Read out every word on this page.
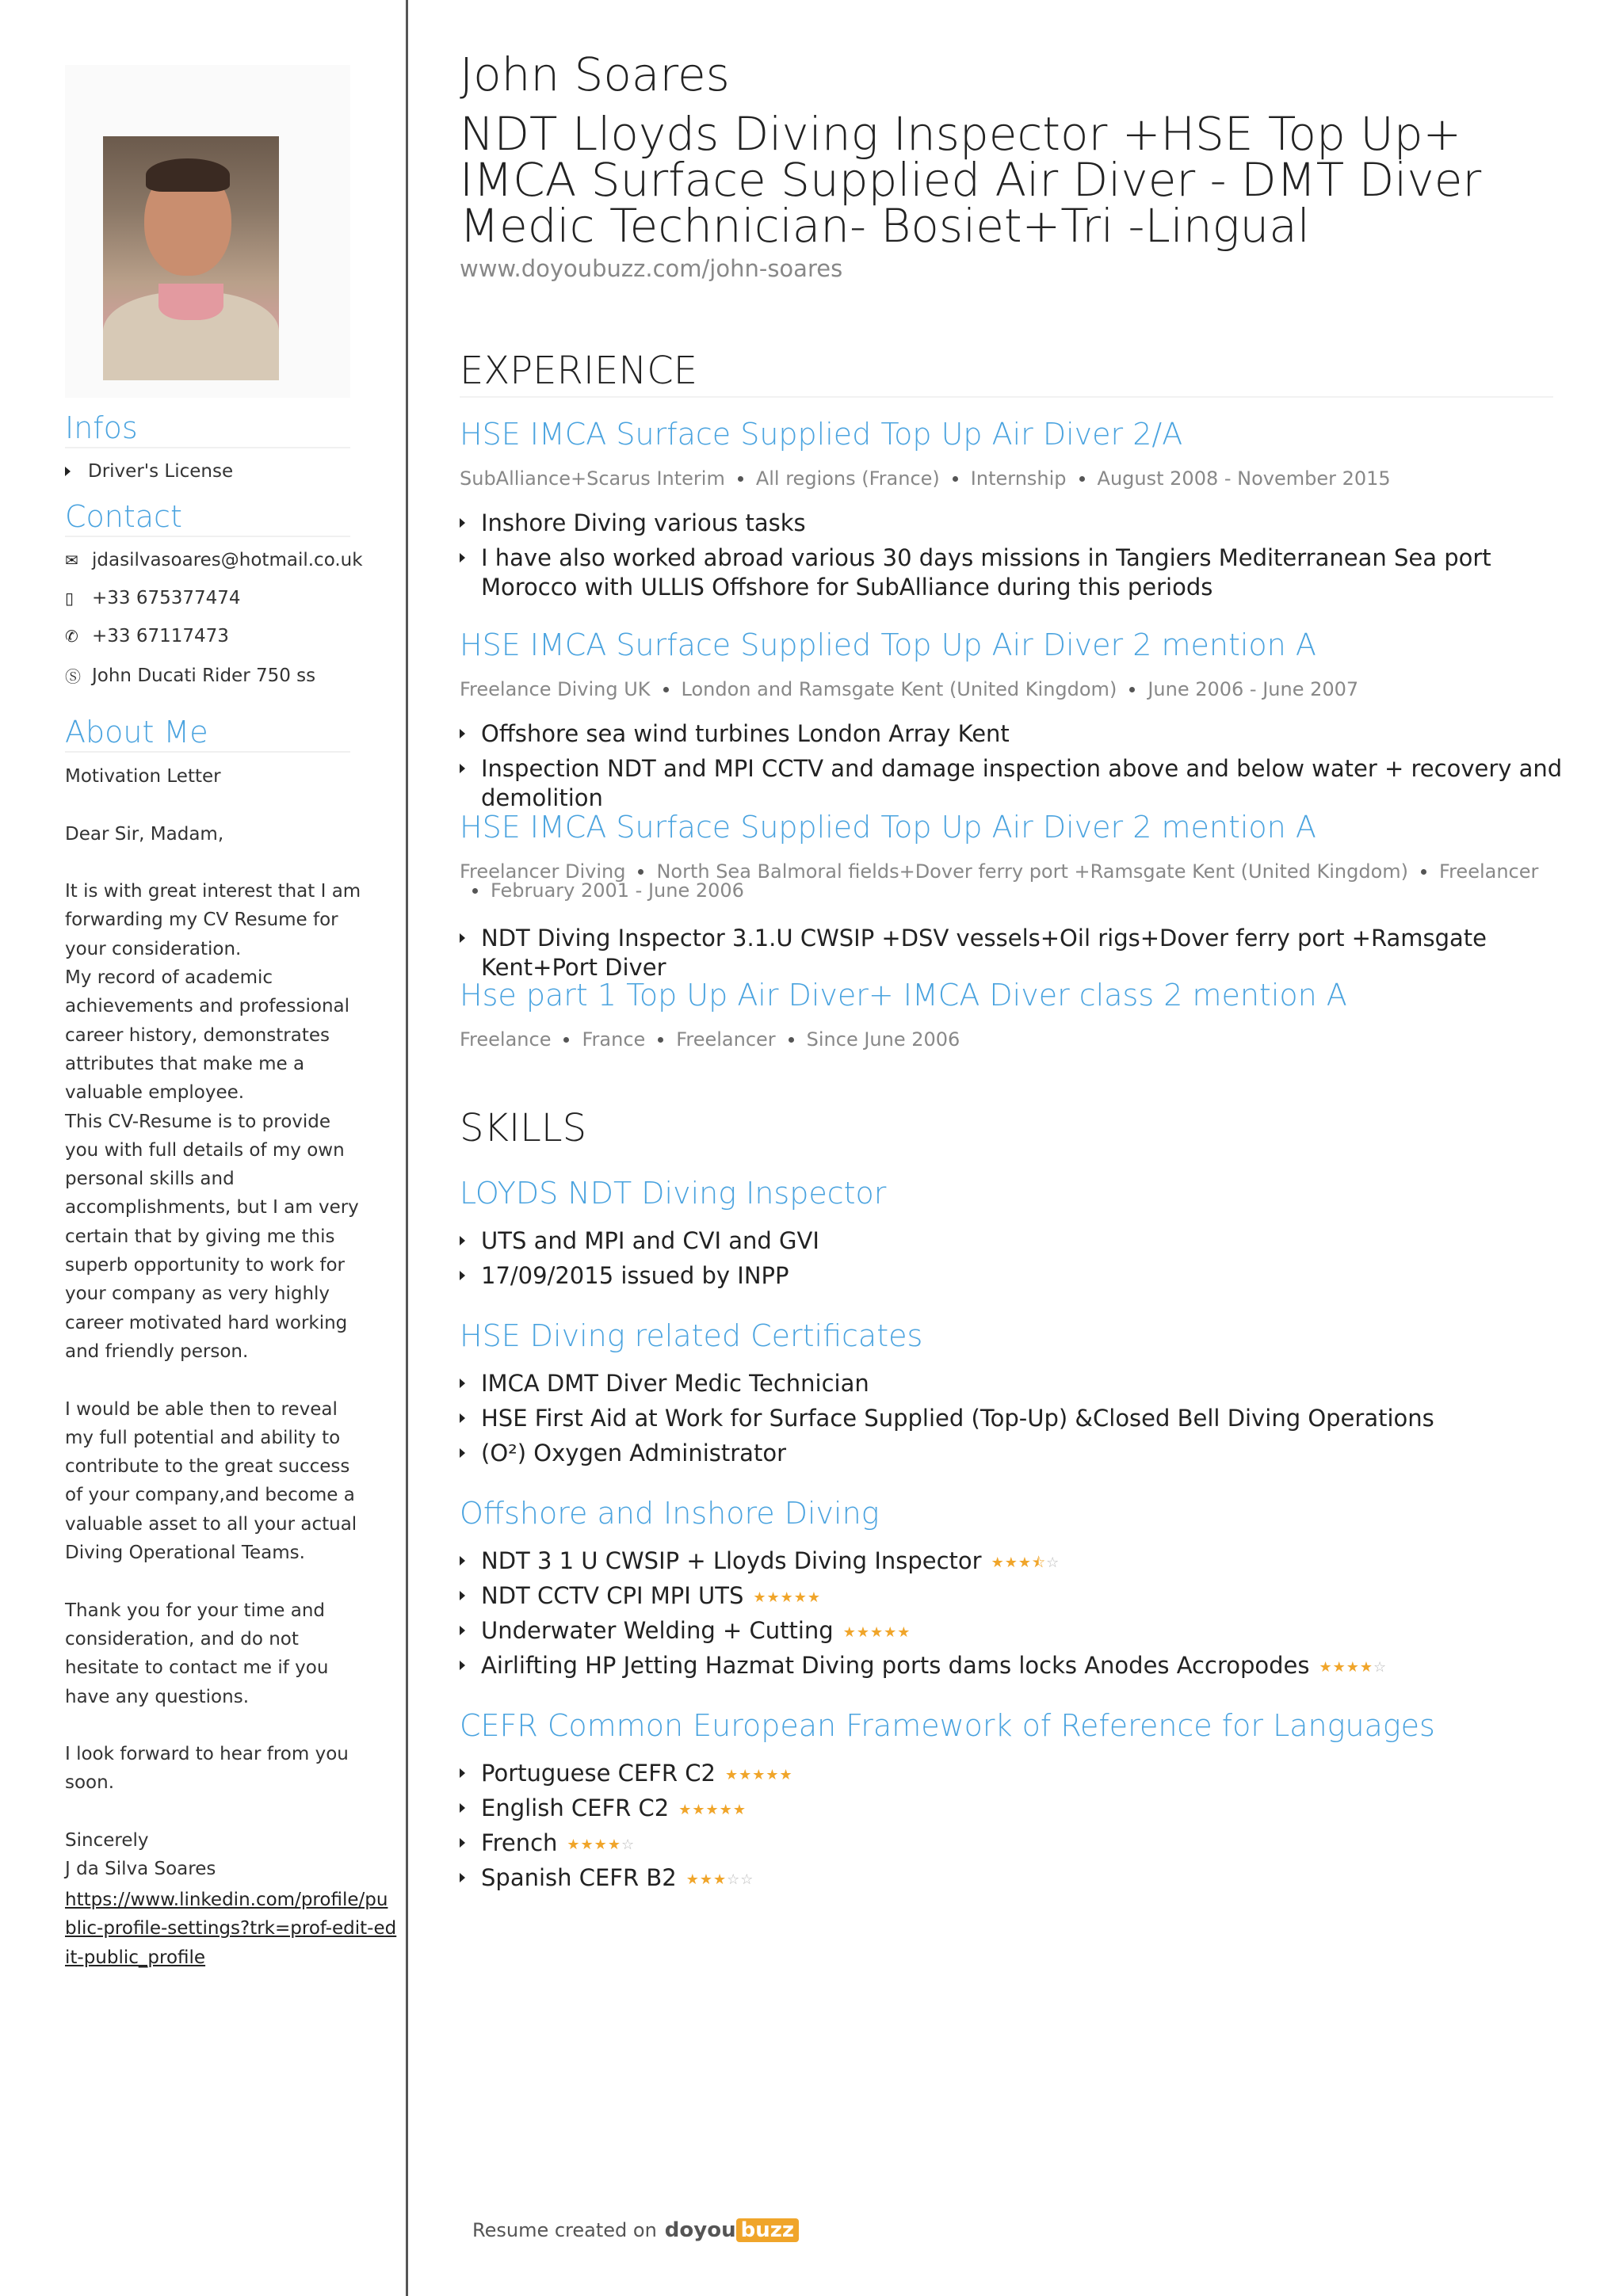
Infos
Driver's License
Contact
✉ jdasilvasoares@hotmail.co.uk
▯ +33 675377474
✆ +33 67117473
Ⓢ John Ducati Rider 750 ss
About Me
Motivation Letter

Dear Sir, Madam,

It is with great interest that I am forwarding my CV Resume for your consideration.
My record of academic achievements and professional career history, demonstrates attributes that make me a valuable employee.
This CV-Resume is to provide you with full details of my own personal skills and accomplishments, but I am very certain that by giving me this superb opportunity to work for your company as very highly career motivated hard working and friendly person.

I would be able then to reveal my full potential and ability to contribute to the great success of your company,and become a valuable asset to all your actual Diving Operational Teams.

Thank you for your time and consideration, and do not hesitate to contact me if you have any questions.

I look forward to hear from you soon.

Sincerely
J da Silva Soares
https://www.linkedin.com/profile/public-profile-settings?trk=prof-edit-edit-public_profile
John Soares
NDT Lloyds Diving Inspector +HSE Top Up+ IMCA Surface Supplied Air Diver - DMT Diver Medic Technician- Bosiet+Tri -Lingual
www.doyoubuzz.com/john-soares
EXPERIENCE
HSE IMCA Surface Supplied Top Up Air Diver 2/A
SubAlliance+Scarus Interim All regions (France) Internship August 2008 - November 2015
Inshore Diving various tasks
I have also worked abroad various 30 days missions in Tangiers Mediterranean Sea port Morocco with ULLIS Offshore for SubAlliance during this periods
HSE IMCA Surface Supplied Top Up Air Diver 2 mention A
Freelance Diving UK London and Ramsgate Kent (United Kingdom) June 2006 - June 2007
Offshore sea wind turbines London Array Kent
Inspection NDT and MPI CCTV and damage inspection above and below water + recovery and demolition
HSE IMCA Surface Supplied Top Up Air Diver 2 mention A
Freelancer Diving North Sea Balmoral fields+Dover ferry port +Ramsgate Kent (United Kingdom) FreelancerFebruary 2001 - June 2006
NDT Diving Inspector 3.1.U CWSIP +DSV vessels+Oil rigs+Dover ferry port +Ramsgate Kent+Port Diver
Hse part 1 Top Up Air Diver+ IMCA Diver class 2 mention A
Freelance France Freelancer Since June 2006
SKILLS
LOYDS NDT Diving Inspector
UTS and MPI and CVI and GVI
17/09/2015 issued by INPP
HSE Diving related Certificates
IMCA DMT Diver Medic Technician
HSE First Aid at Work for Surface Supplied (Top-Up) &Closed Bell Diving Operations
(O²) Oxygen Administrator
Offshore and Inshore Diving
NDT 3 1 U CWSIP + Lloyds Diving Inspector ★★★⯪☆
NDT CCTV CPI MPI UTS ★★★★★
Underwater Welding + Cutting ★★★★★
Airlifting HP Jetting Hazmat Diving ports dams locks Anodes Accropodes ★★★★☆
CEFR Common European Framework of Reference for Languages
Portuguese CEFR C2 ★★★★★
English CEFR C2 ★★★★★
French ★★★★☆
Spanish CEFR B2 ★★★☆☆
Resume created on doyou buzz
